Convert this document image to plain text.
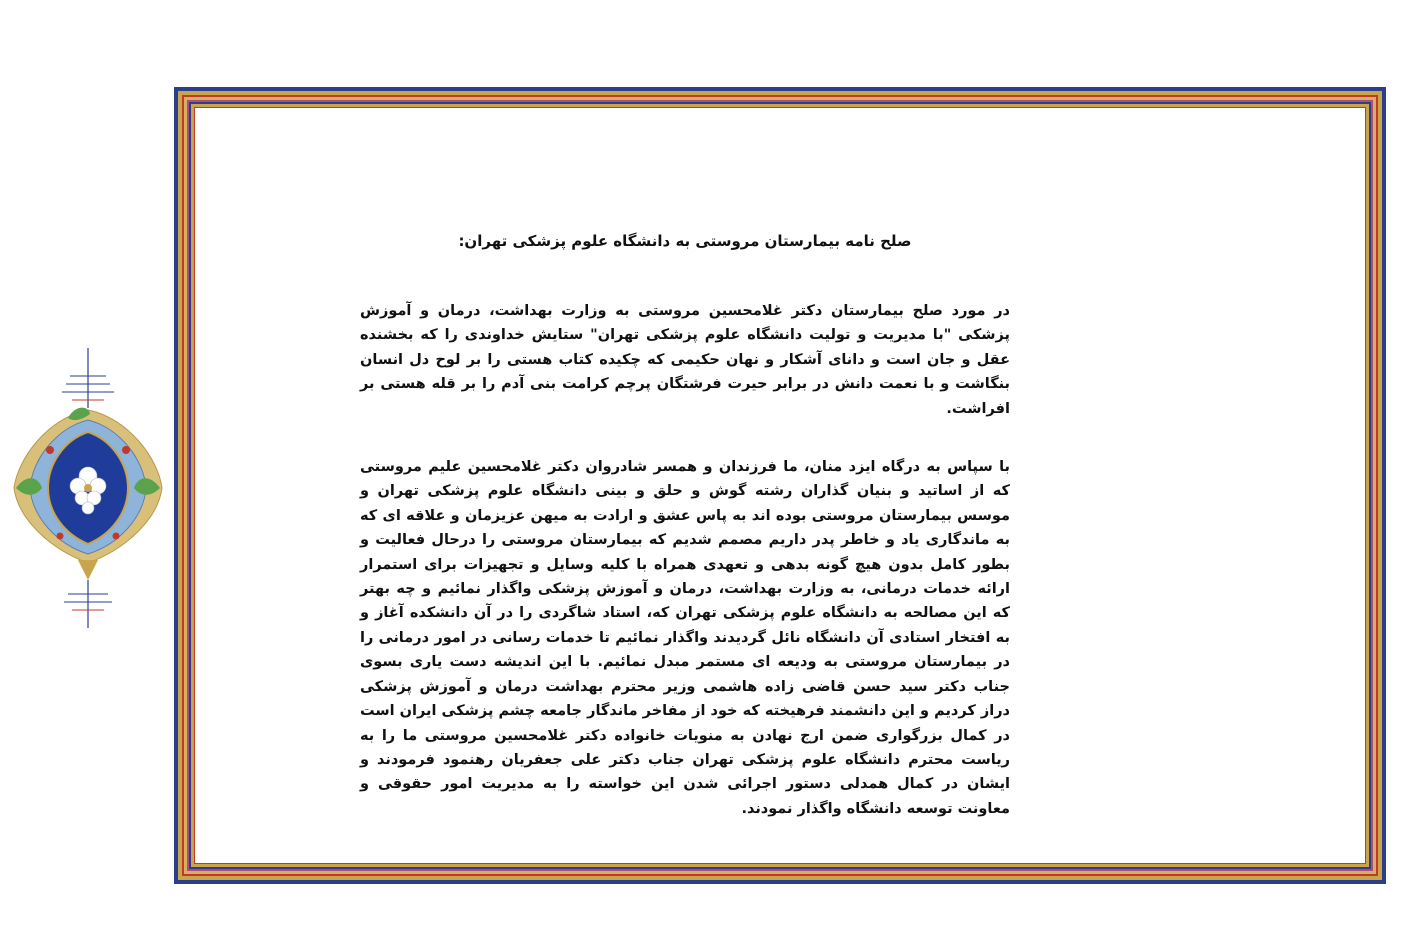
صلح نامه بیمارستان مروستی به دانشگاه علوم پزشکی تهران:

در مورد صلح بیمارستان دکتر غلامحسین مروستی به وزارت بهداشت، درمان و آموزش پزشکی "با مدیریت و تولیت دانشگاه علوم پزشکی تهران" ستایش خداوندی را که بخشنده عقل و جان است و دانای آشکار و نهان حکیمی که چکیده کتاب هستی را بر لوح دل انسان بنگاشت و با نعمت دانش در برابر حیرت فرشتگان پرچم کرامت بنی آدم را بر قله هستی بر افراشت.

با سپاس به درگاه ایزد منان، ما فرزندان و همسر شادروان دکتر غلامحسین علیم مروستی که از اساتید و بنیان گذاران رشته گوش و حلق و بینی دانشگاه علوم پزشکی تهران و موسس بیمارستان مروستی بوده اند به پاس عشق و ارادت به میهن عزیزمان و علاقه ای که به ماندگاری یاد و خاطر پدر داریم مصمم شدیم که بیمارستان مروستی را درحال فعالیت و بطور کامل بدون هیچ گونه بدهی و تعهدی همراه با کلیه وسایل و تجهیزات برای استمرار ارائه خدمات درمانی، به وزارت بهداشت، درمان و آموزش پزشکی واگذار نمائیم و چه بهتر که این مصالحه به دانشگاه علوم پزشکی تهران که، استاد شاگردی را در آن دانشکده آغاز و به افتخار استادی آن دانشگاه نائل گردیدند واگذار نمائیم تا خدمات رسانی در امور درمانی را در بیمارستان مروستی به ودیعه ای مستمر مبدل نمائیم. با این اندیشه دست یاری بسوی جناب دکتر سید حسن قاضی زاده هاشمی وزیر محترم بهداشت درمان و آموزش پزشکی دراز کردیم و این دانشمند فرهیخته که خود از مفاخر ماندگار جامعه چشم پزشکی ایران است در کمال بزرگواری ضمن ارج نهادن به منویات خانواده دکتر غلامحسین مروستی ما را به ریاست محترم دانشگاه علوم پزشکی تهران جناب دکتر علی جعفریان رهنمود فرمودند و ایشان در کمال همدلی دستور اجرائی شدن این خواسته را به مدیریت امور حقوقی و معاونت توسعه دانشگاه واگذار نمودند.
